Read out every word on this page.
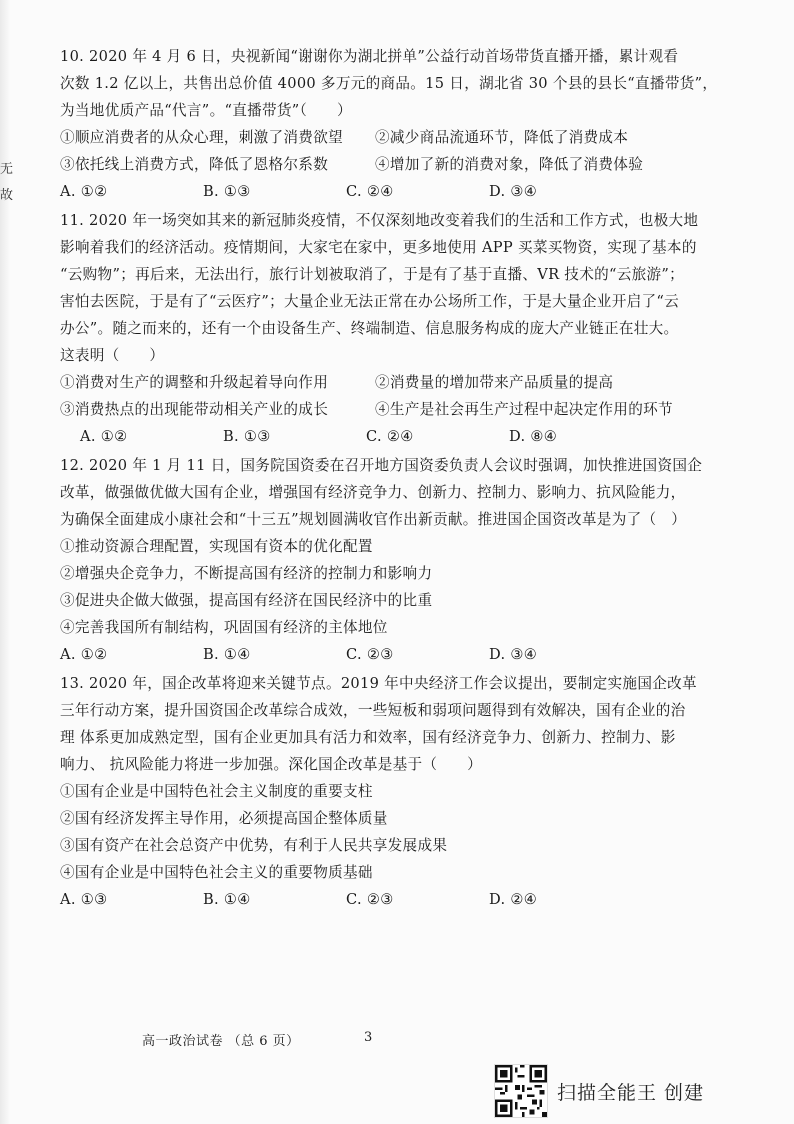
无
故
10. 2020 年 4 月 6 日，央视新闻“谢谢你为湖北拼单”公益行动首场带货直播开播，累计观看
次数 1.2 亿以上，共售出总价值 4000 多万元的商品。15 日，湖北省 30 个县的县长“直播带货”，
为当地优质产品“代言”。“直播带货”（　　）
①顺应消费者的从众心理，刺激了消费欲望	②减少商品流通环节，降低了消费成本
③依托线上消费方式，降低了恩格尔系数	④增加了新的消费对象，降低了消费体验
A. ①②	B. ①③	C. ②④	D. ③④
11. 2020 年一场突如其来的新冠肺炎疫情，不仅深刻地改变着我们的生活和工作方式，也极大地
影响着我们的经济活动。疫情期间，大家宅在家中，更多地使用 APP 买菜买物资，实现了基本的
“云购物”；再后来，无法出行，旅行计划被取消了，于是有了基于直播、VR 技术的“云旅游”；
害怕去医院，于是有了“云医疗”；大量企业无法正常在办公场所工作，于是大量企业开启了“云
办公”。随之而来的，还有一个由设备生产、终端制造、信息服务构成的庞大产业链正在壮大。
这表明（　　）
①消费对生产的调整和升级起着导向作用	②消费量的增加带来产品质量的提高
③消费热点的出现能带动相关产业的成长	④生产是社会再生产过程中起决定作用的环节
A. ①②	B. ①③	C. ②④	D. ⑧④
12. 2020 年 1 月 11 日，国务院国资委在召开地方国资委负责人会议时强调，加快推进国资国企
改革，做强做优做大国有企业，增强国有经济竞争力、创新力、控制力、影响力、抗风险能力，
为确保全面建成小康社会和“十三五”规划圆满收官作出新贡献。推进国企国资改革是为了（　）
①推动资源合理配置，实现国有资本的优化配置
②增强央企竞争力，不断提高国有经济的控制力和影响力
③促进央企做大做强，提高国有经济在国民经济中的比重
④完善我国所有制结构，巩固国有经济的主体地位
A. ①②	B. ①④	C. ②③	D. ③④
13. 2020 年，国企改革将迎来关键节点。2019 年中央经济工作会议提出，要制定实施国企改革
三年行动方案，提升国资国企改革综合成效，一些短板和弱项问题得到有效解决，国有企业的治
理 体系更加成熟定型，国有企业更加具有活力和效率，国有经济竞争力、创新力、控制力、影
响力、 抗风险能力将进一步加强。深化国企改革是基于（　　）
①国有企业是中国特色社会主义制度的重要支柱
②国有经济发挥主导作用，必须提高国企整体质量
③国有资产在社会总资产中优势，有利于人民共享发展成果
④国有企业是中国特色社会主义的重要物质基础
A. ①③	B. ①④	C. ②③	D. ②④
高一政治试卷 （总 6 页）	3
扫描全能王 创建
